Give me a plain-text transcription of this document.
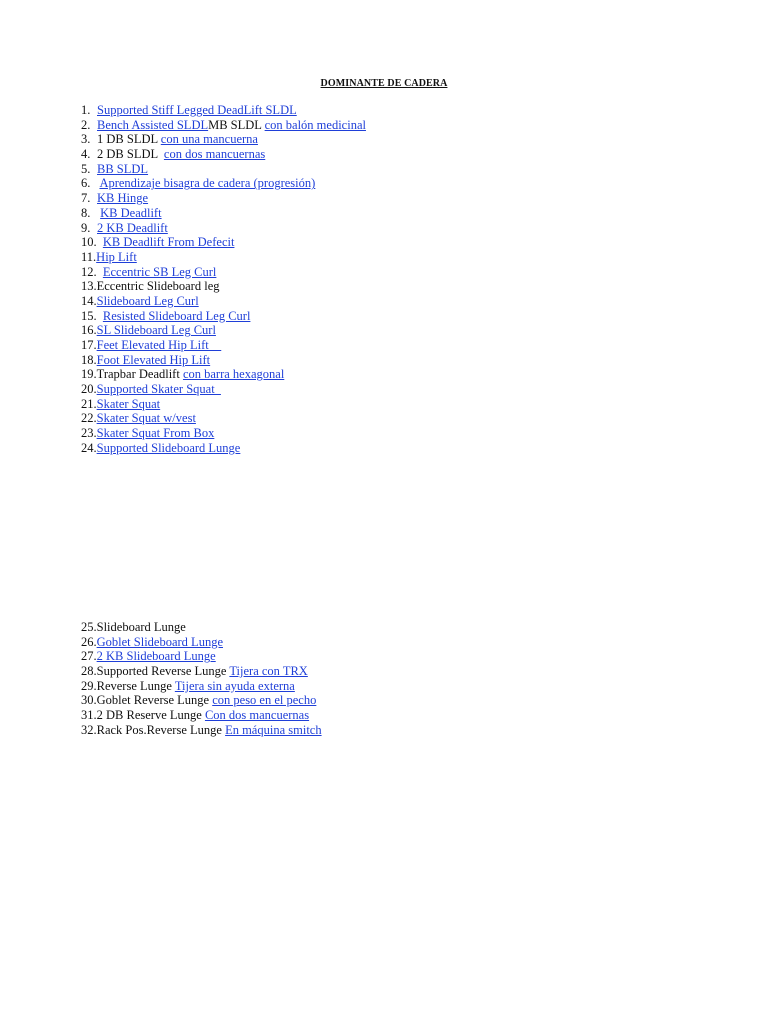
DOMINANTE DE CADERA
1. Supported Stiff Legged DeadLift SLDL
2. Bench Assisted SLDLMB SLDL con balón medicinal
3. 1 DB SLDL con una mancuerna
4. 2 DB SLDL  con dos mancuernas
5. BB SLDL
6. Aprendizaje bisagra de cadera (progresión)
7. KB Hinge
8. KB Deadlift
9. 2 KB Deadlift
10. KB Deadlift From Defecit
11.Hip Lift
12. Eccentric SB Leg Curl
13.Eccentric Slideboard leg
14.Slideboard Leg Curl
15. Resisted Slideboard Leg Curl
16.SL Slideboard Leg Curl
17.Feet Elevated Hip Lift
18.Foot Elevated Hip Lift
19.Trapbar Deadlift con barra hexagonal
20.Supported Skater Squat
21.Skater Squat
22.Skater Squat w/vest
23.Skater Squat From Box
24.Supported Slideboard Lunge
25.Slideboard Lunge
26.Goblet Slideboard Lunge
27.2 KB Slideboard Lunge
28.Supported Reverse Lunge Tijera con TRX
29.Reverse Lunge Tijera sin ayuda externa
30.Goblet Reverse Lunge con peso en el pecho
31.2 DB Reserve Lunge Con dos mancuernas
32.Rack Pos.Reverse Lunge En máquina smitch
